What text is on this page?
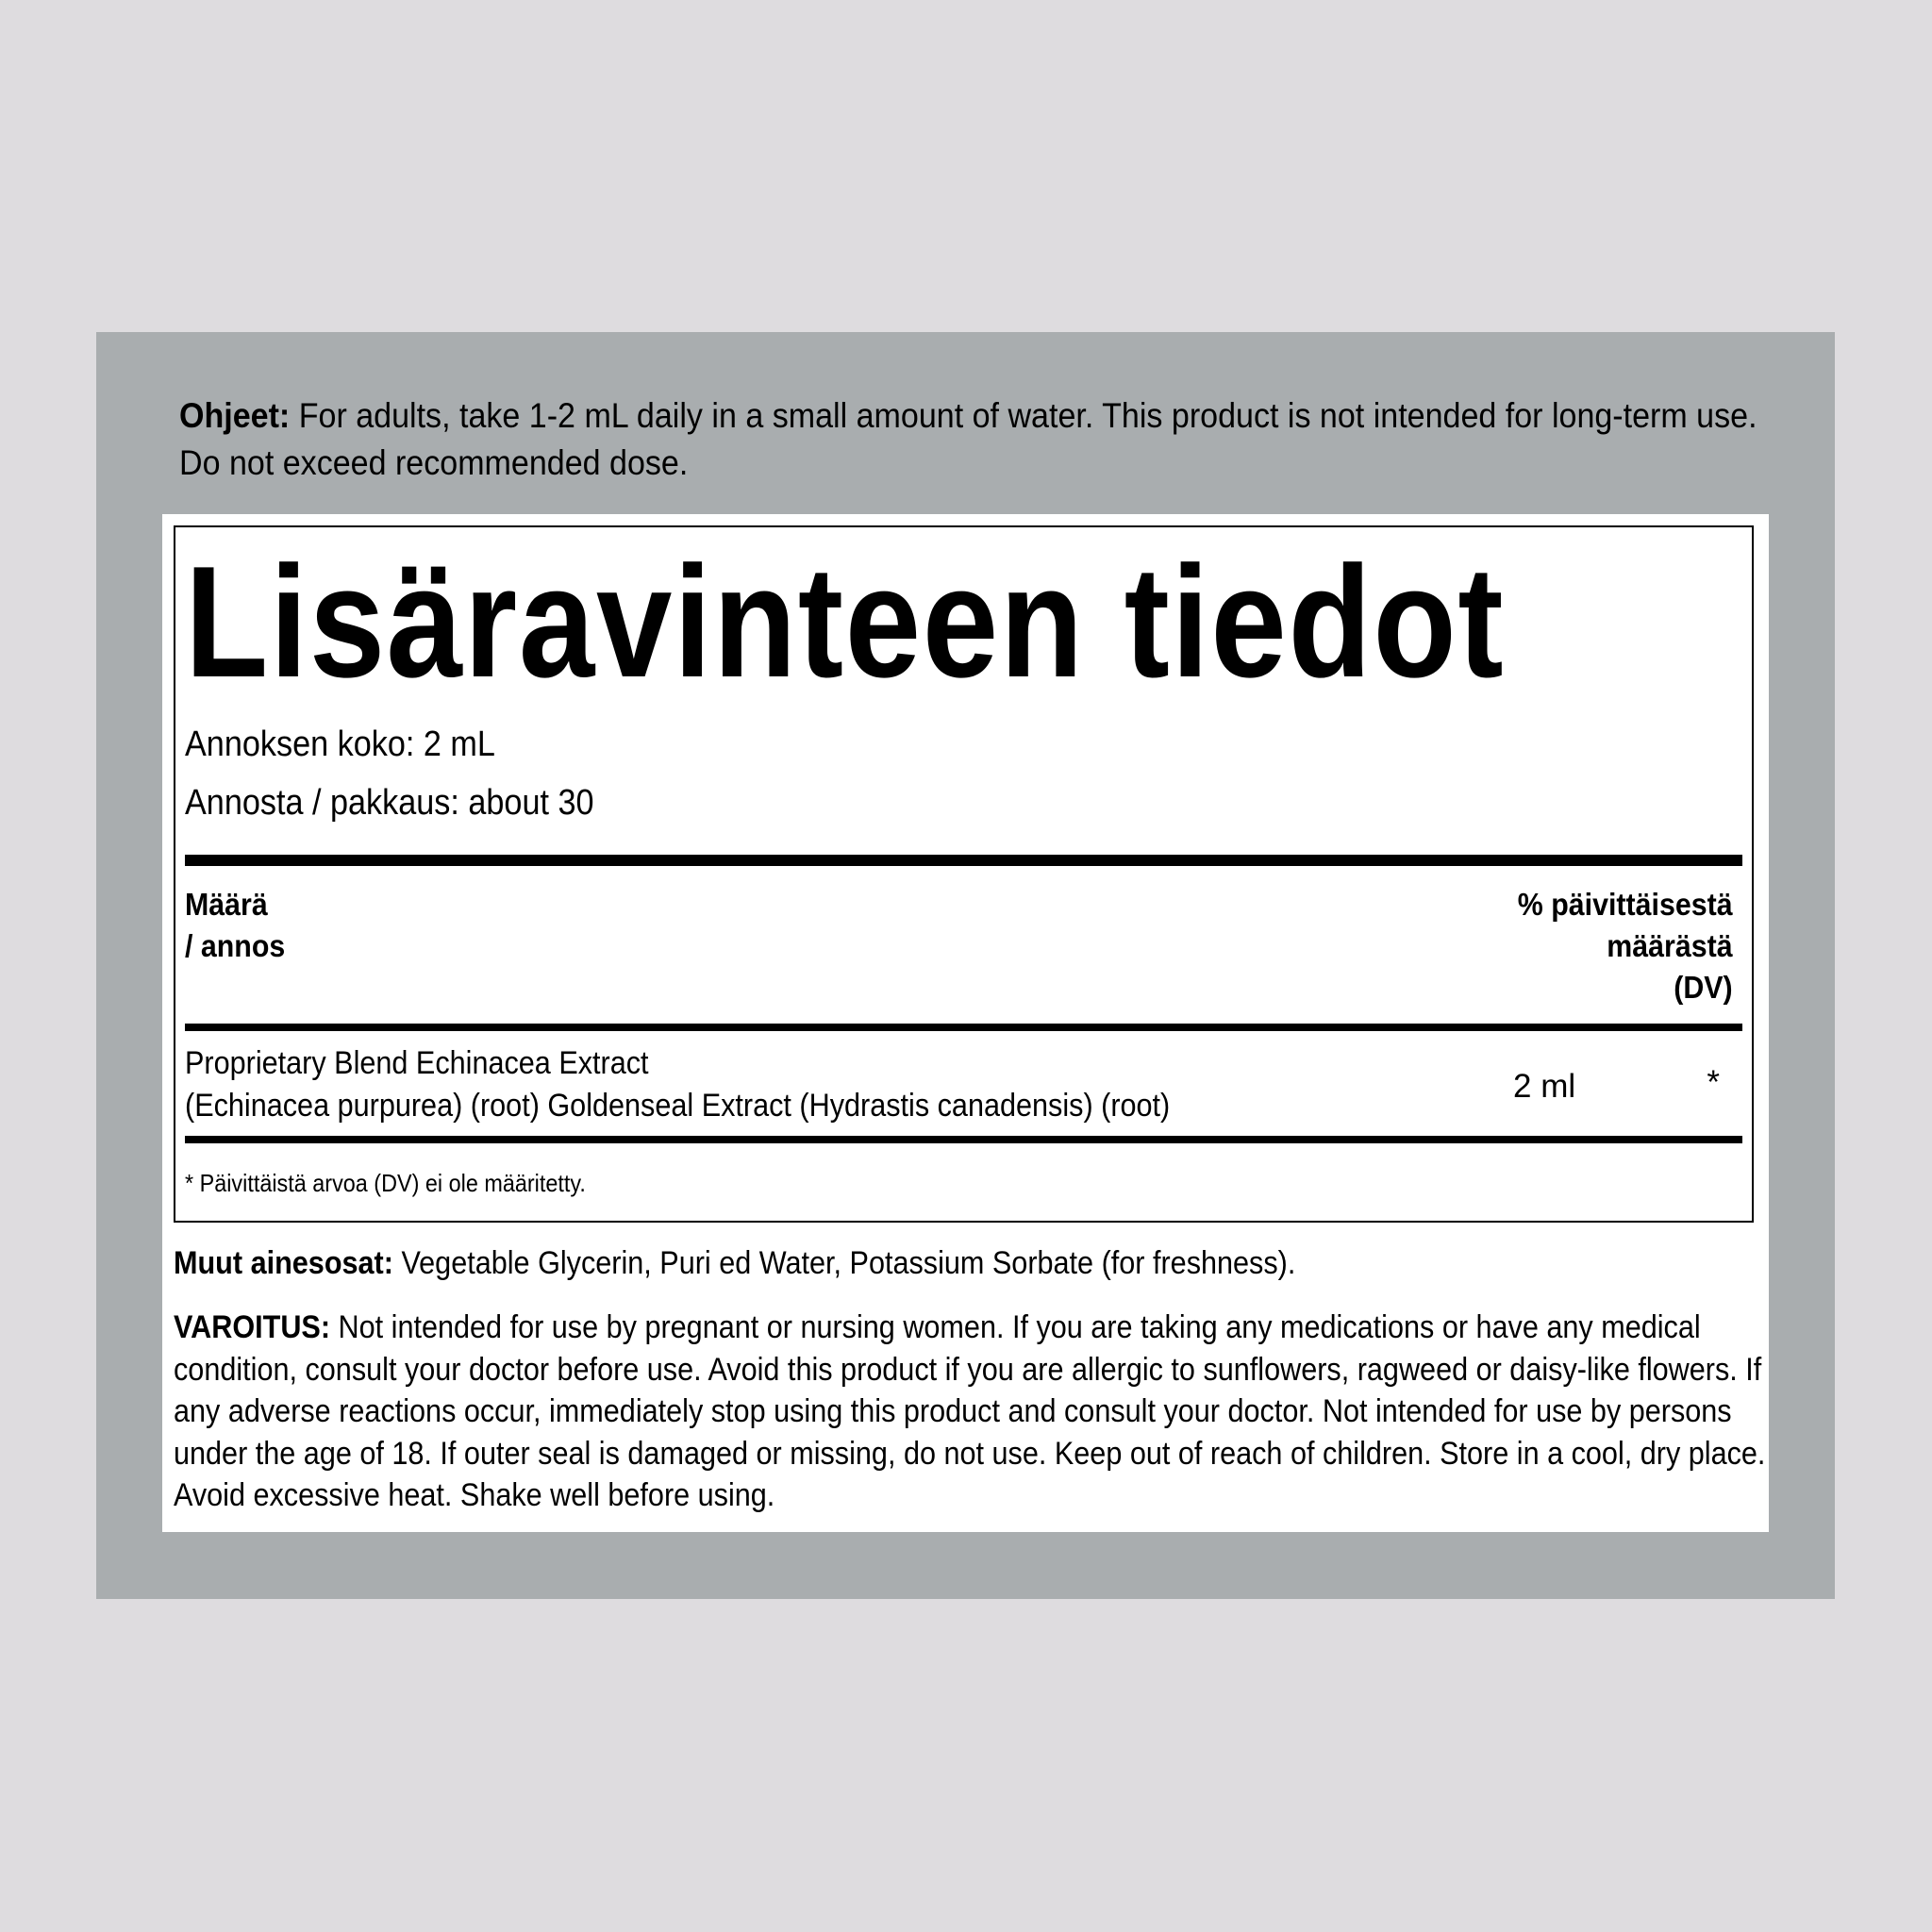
Ohjeet: For adults, take 1-2 mL daily in a small amount of water. This product is not intended for long-term use. Do not exceed recommended dose.
Lisäravinteen tiedot
Annoksen koko: 2 mL
Annosta / pakkaus: about 30
Määrä
/ annos
% päivittäisestä
määrästä
(DV)
Proprietary Blend Echinacea Extract
(Echinacea purpurea) (root) Goldenseal Extract (Hydrastis canadensis) (root)
2 ml	*
* Päivittäistä arvoa (DV) ei ole määritetty.
Muut ainesosat: Vegetable Glycerin, Puri ed Water, Potassium Sorbate (for freshness).
VAROITUS: Not intended for use by pregnant or nursing women. If you are taking any medications or have any medical condition, consult your doctor before use. Avoid this product if you are allergic to sunflowers, ragweed or daisy-like flowers. If any adverse reactions occur, immediately stop using this product and consult your doctor. Not intended for use by persons under the age of 18. If outer seal is damaged or missing, do not use. Keep out of reach of children. Store in a cool, dry place. Avoid excessive heat. Shake well before using.
